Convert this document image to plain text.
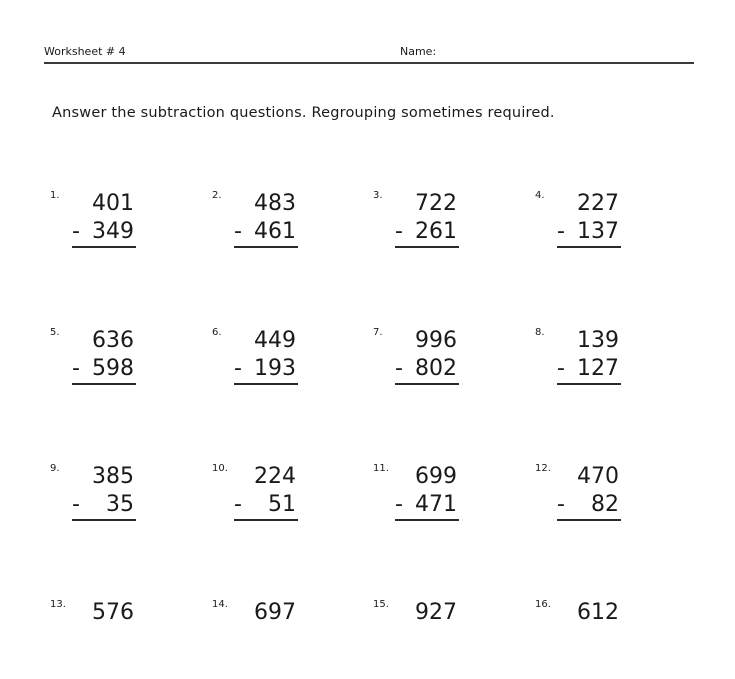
Worksheet # 4	Name:
Answer the subtraction questions. Regrouping sometimes required.
1. 401
- 349
2. 483
- 461
3. 722
- 261
4. 227
- 137
5. 636
- 598
6. 449
- 193
7. 996
- 802
8. 139
- 127
9. 385
- 35
10. 224
- 51
11. 699
- 471
12. 470
- 82
13. 576	14. 697	15. 927	16. 612
